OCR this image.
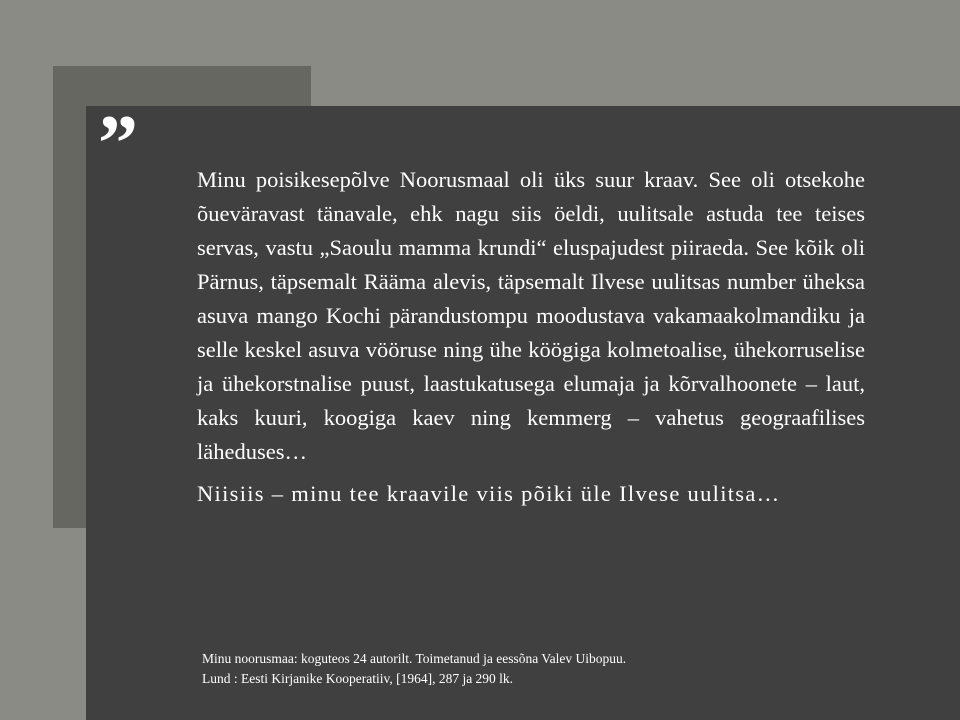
”	Minu poisikesepõlve Noorusmaal oli üks suur kraav. See oli otsekohe õueväravast tänavale, ehk nagu siis öeldi, uulitsale astuda tee teises servas, vastu „Saoulu mamma krundi“ eluspajudest piiraeda. See kõik oli Pärnus, täpsemalt Rääma alevis, täpsemalt Ilvese uulitsas number üheksa asuva mango Kochi pärandustompu moodustava vakamaakolmandiku ja selle keskel asuva vööruse ning ühe köögiga kolmetoalise, ühekorruselise ja ühekorstnalise puust, laastukatusega elumaja ja kõrvalhoonete – laut, kaks kuuri, koogiga kaev ning kemmerg – vahetus geograafilises läheduses…

Niisiis – minu tee kraavile viis põiki üle Ilvese uulitsa…

Minu noorusmaa: koguteos 24 autorilt. Toimetanud ja eessõna Valev Uibopuu.
Lund : Eesti Kirjanike Kooperatiiv, [1964], 287 ja 290 lk.
